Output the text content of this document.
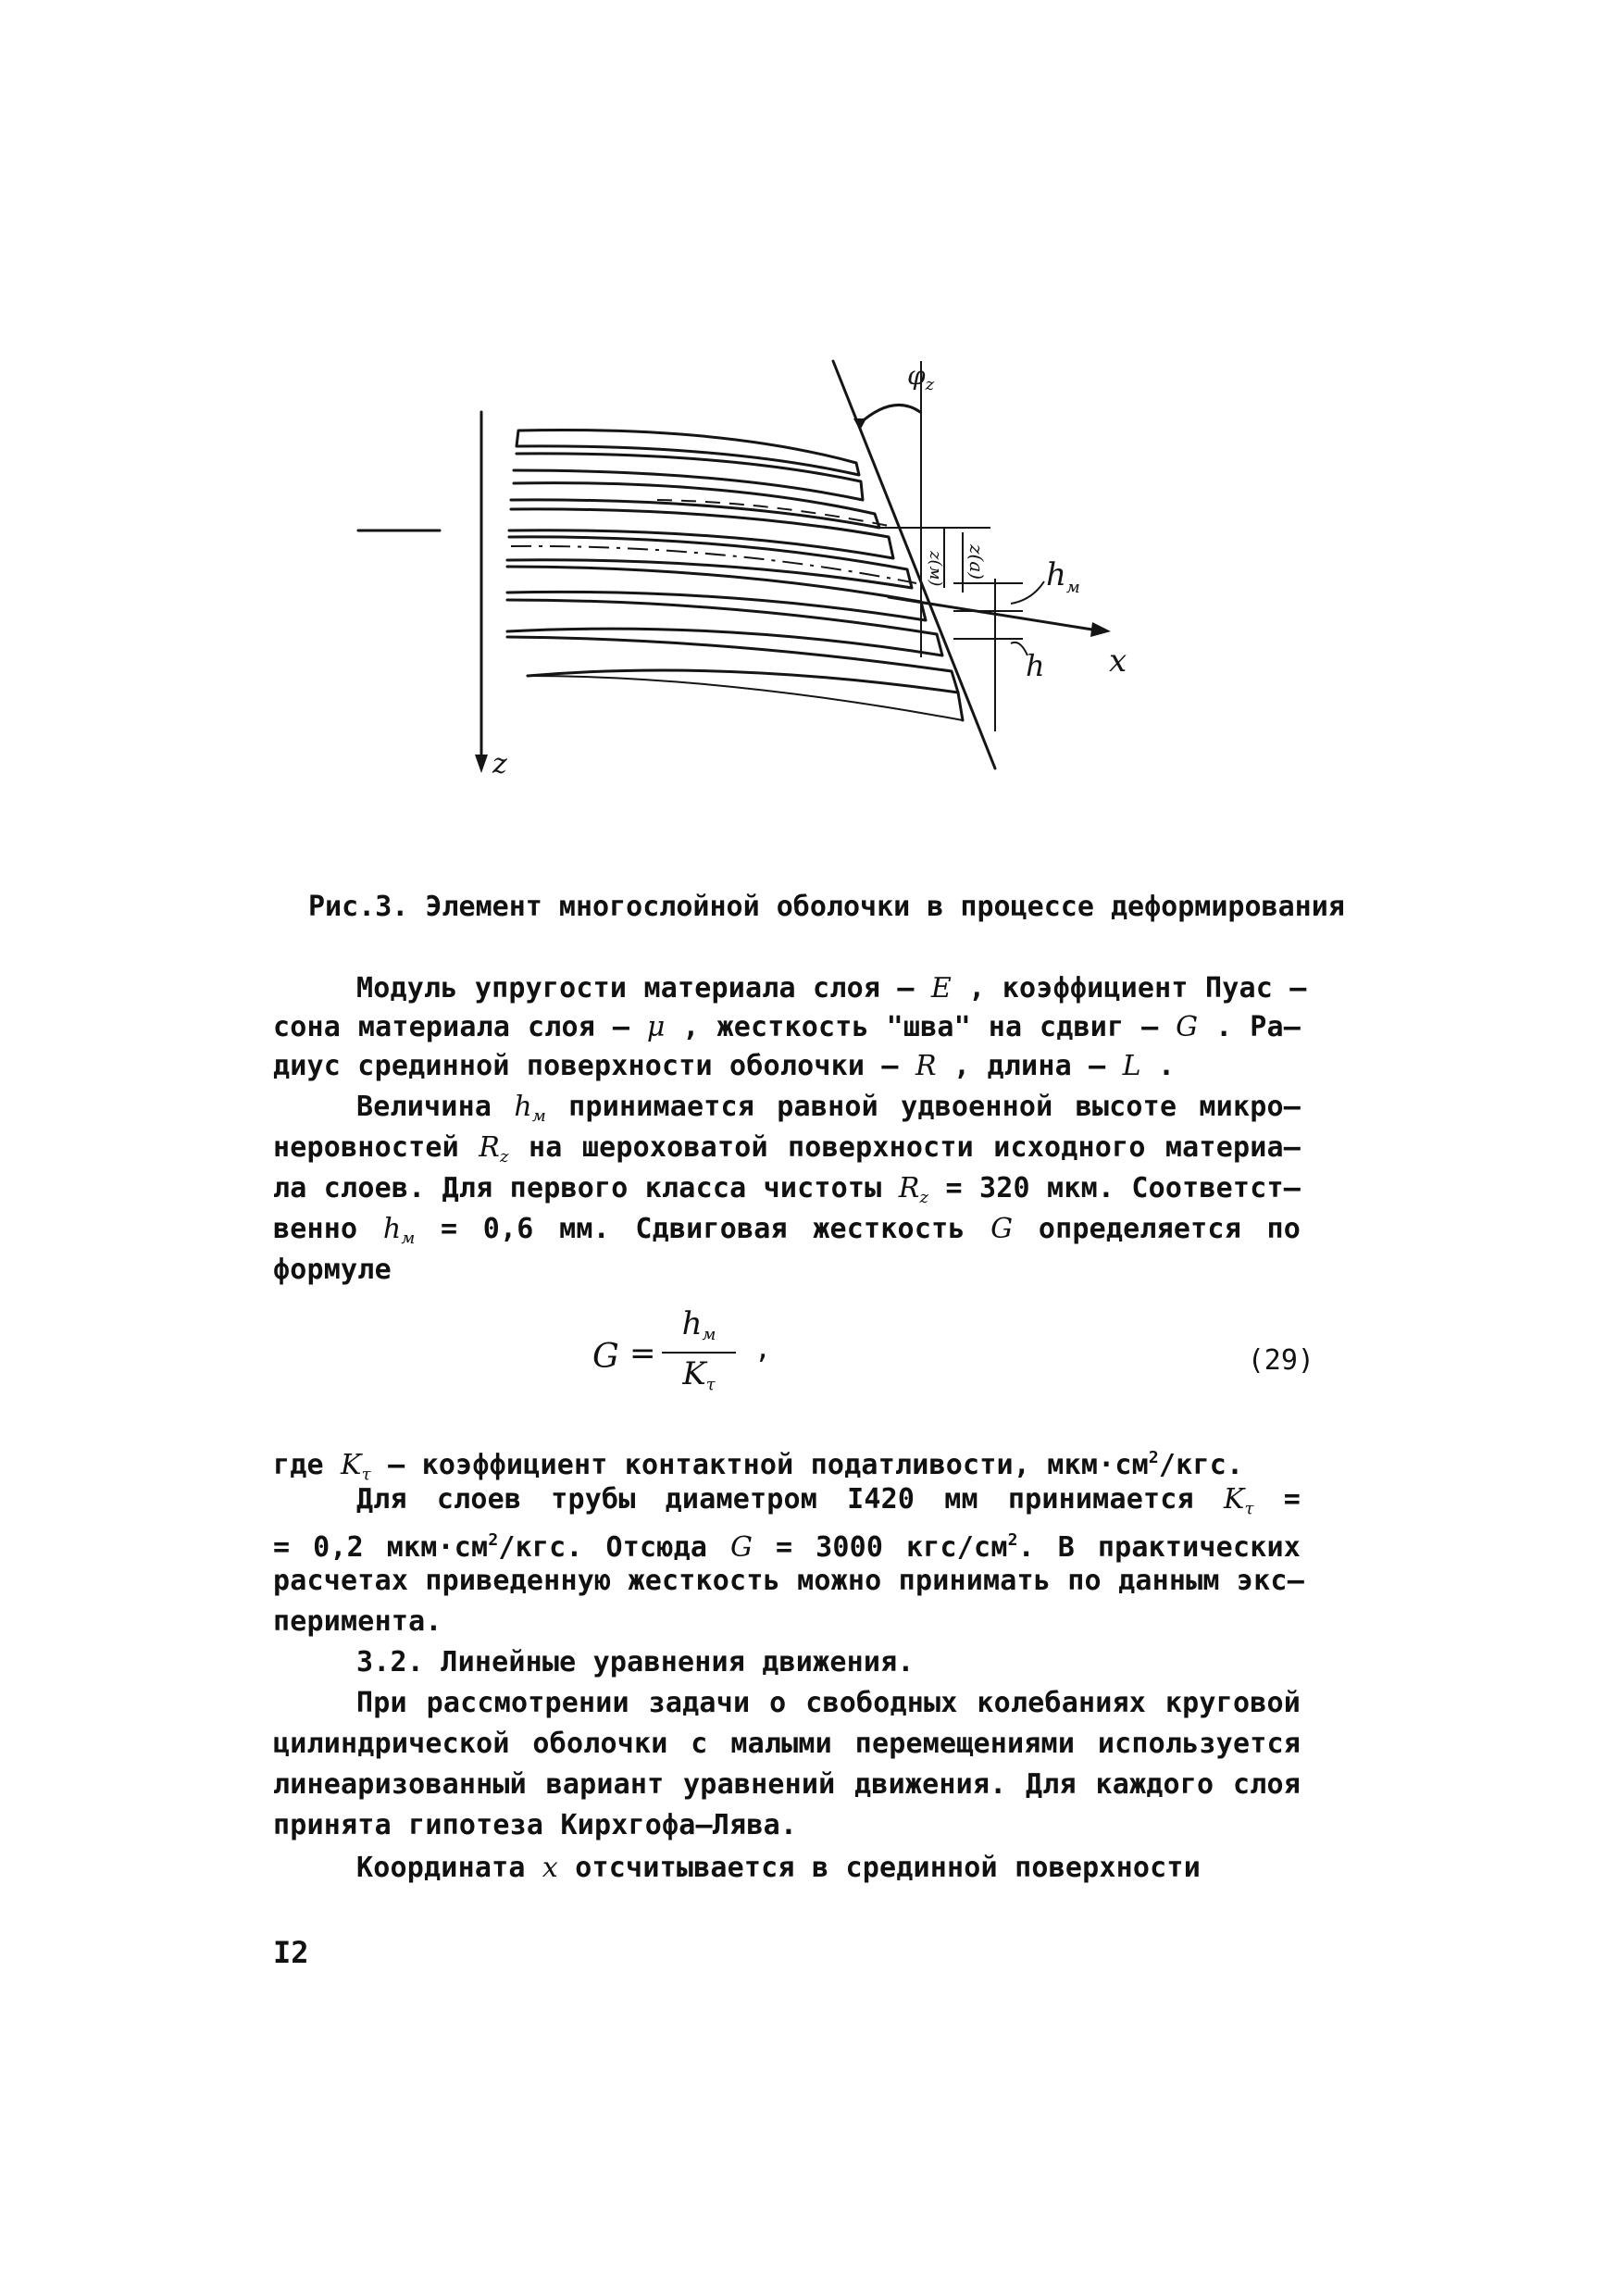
z
$\varphi_z$
z(м) z(а)
x
$h_м$
h
Рис.3. Элемент многослойной оболочки в процессе деформирования
Модуль упругости материала слоя – E , коэффициент Пуас –
сона материала слоя – μ , жесткость "шва" на сдвиг – G . Ра–
диус срединной поверхности оболочки – R , длина – L .
Величина $h_м$ принимается равной удвоенной высоте микро–
неровностей $R_z$ на шероховатой поверхности исходного материа–
ла слоев. Для первого класса чистоты $R_z = 320$ мкм. Соответст–
венно $h_м = 0,6$ мм. Сдвиговая жесткость G определяется по
формуле
G =
$h_м$
$K_\tau$
,	(29)
где $K_\tau$ – коэффициент контактной податливости, $мкм\cdot см^2$/кгс.
Для слоев трубы диаметром I420 мм принимается $K_\tau$ =
= 0,2 $мкм\cdot см^2$/кгс. Отсюда G = 3000 кгс/$см^2$. В практических
расчетах приведенную жесткость можно принимать по данным экс–
перимента.
3.2. Линейные уравнения движения.
При рассмотрении задачи о свободных колебаниях круговой
цилиндрической оболочки с малыми перемещениями используется
линеаризованный вариант уравнений движения. Для каждого слоя
принята гипотеза Кирхгофа–Лява.
Координата x отсчитывается в срединной поверхности
I2
